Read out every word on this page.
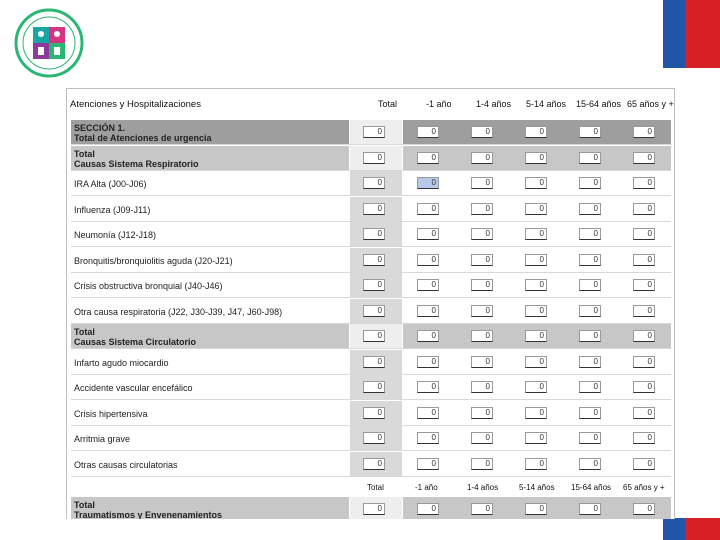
Atenciones y Hospitalizaciones	Total	-1 año	1-4 años 5-14 años 15-64 años 65 años y +
SECCIÓN 1.
Total de Atenciones de urgencia
0	0	0	0	0	0
Total
Causas Sistema Respiratorio
0	0	0	0	0	0
IRA Alta (J00-J06)	0	0	0	0	0	0
Influenza (J09-J11)	0	0	0	0	0	0
Neumonía (J12-J18)	0	0	0	0	0	0
Bronquitis/bronquiolitis aguda (J20-J21)	0	0	0	0	0	0
Crisis obstructiva bronquial (J40-J46)	0	0	0	0	0	0
Otra causa respiratoria (J22, J30-J39, J47, J60-J98)	0	0	0	0	0	0
Total
Causas Sistema Circulatorio
0	0	0	0	0	0
Infarto agudo miocardio	0	0	0	0	0	0
Accidente vascular encefálico	0	0	0	0	0	0
Crisis hipertensiva	0	0	0	0	0	0
Arritmia grave	0	0	0	0	0	0
Otras causas circulatorias	0	0	0	0	0	0
Total	-1 año	1-4 años	5-14 años 15-64 años 65 años y +
Total
Traumatismos y Envenenamientos
0	0	0	0	0	0
